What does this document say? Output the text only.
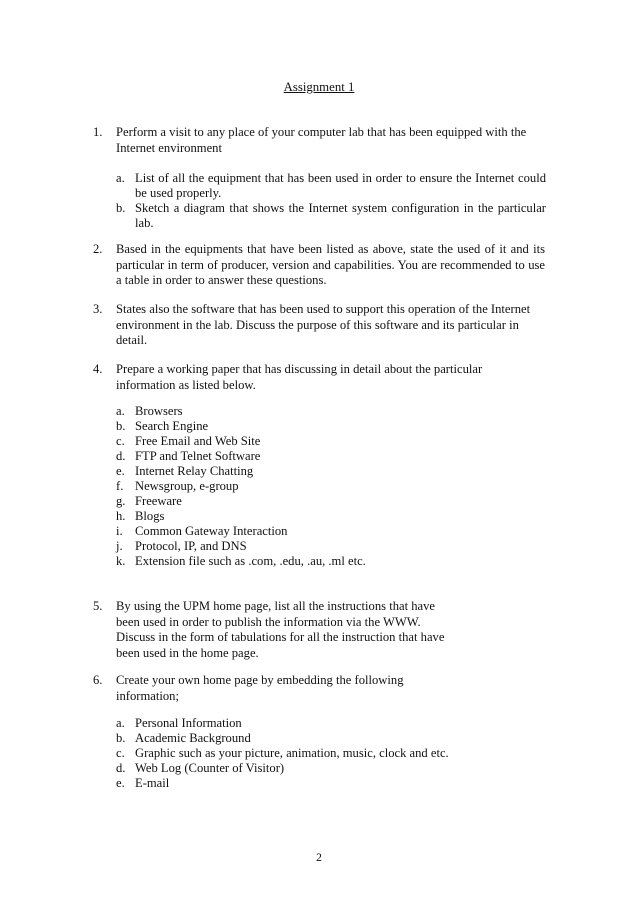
Assignment 1
1. Perform a visit to any place of your computer lab that has been equipped with the Internet environment
a. List of all the equipment that has been used in order to ensure the Internet could be used properly.
b. Sketch a diagram that shows the Internet system configuration in the particular lab.
2. Based in the equipments that have been listed as above, state the used of it and its particular in term of producer, version and capabilities. You are recommended to use a table in order to answer these questions.
3. States also the software that has been used to support this operation of the Internet environment in the lab. Discuss the purpose of this software and its particular in detail.
4. Prepare a working paper that has discussing in detail about the particular information as listed below.
a. Browsers
b. Search Engine
c. Free Email and Web Site
d. FTP and Telnet Software
e. Internet Relay Chatting
f. Newsgroup, e-group
g. Freeware
h. Blogs
i. Common Gateway Interaction
j. Protocol, IP, and DNS
k. Extension file such as .com, .edu, .au, .ml etc.
5. By using the UPM home page, list all the instructions that have
been used in order to publish the information via the WWW.
Discuss in the form of tabulations for all the instruction that have
been used in the home page.
6. Create your own home page by embedding the following
information;
a. Personal Information
b. Academic Background
c. Graphic such as your picture, animation, music, clock and etc.
d. Web Log (Counter of Visitor)
e. E-mail
2
